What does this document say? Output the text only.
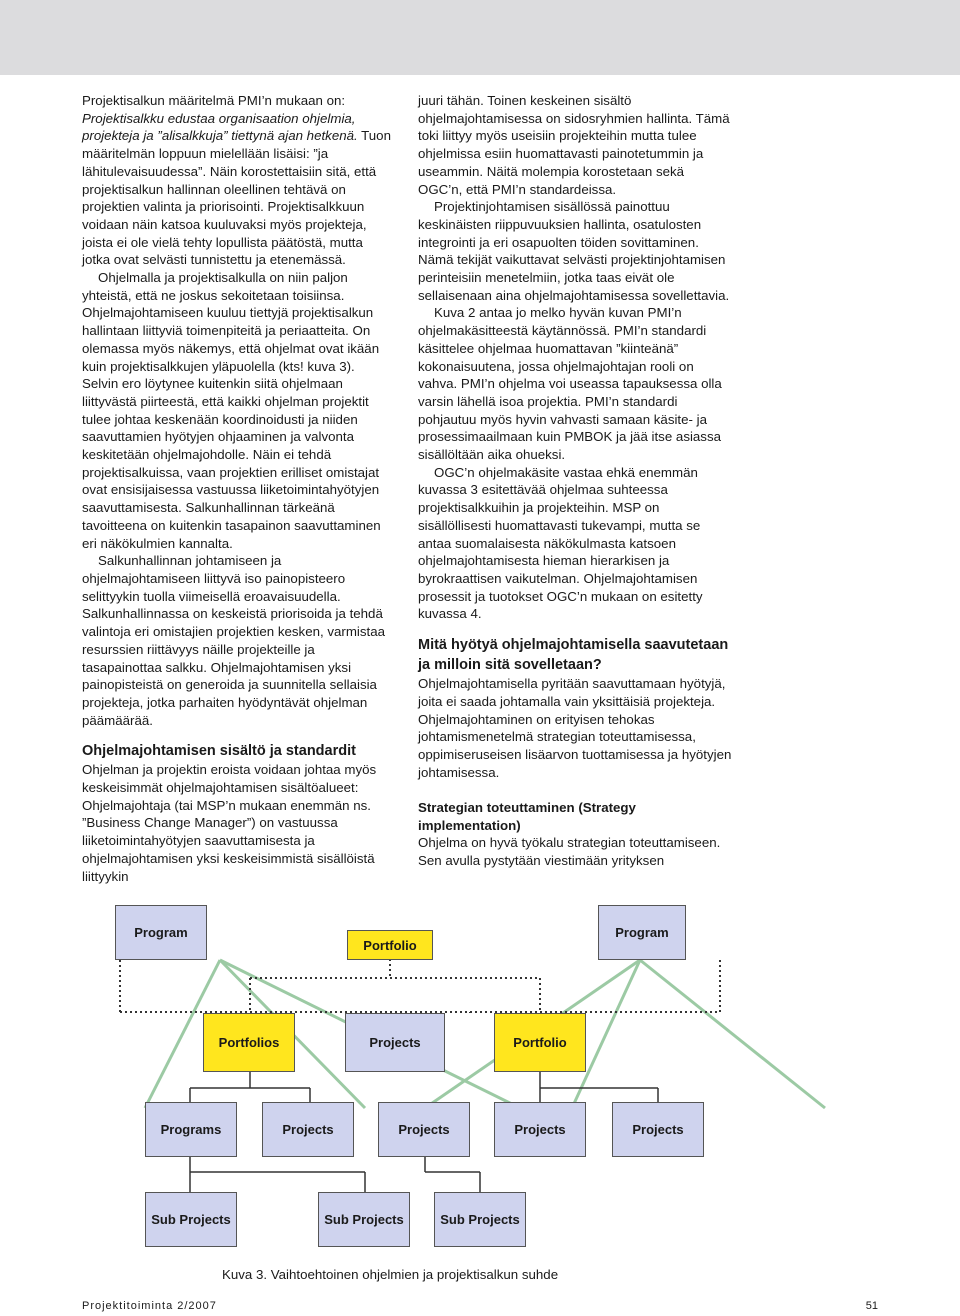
Projektisalkun määritelmä PMI’n mukaan on: Projektisalkku edustaa organisaation ohjelmia, projekteja ja ”alisalkkuja” tiettynä ajan hetkenä. Tuon määritelmän loppuun mielellään lisäisi: ”ja lähitulevaisuudessa”. Näin korostettaisiin sitä, että projektisalkun hallinnan oleellinen tehtävä on projektien valinta ja priorisointi. Projektisalkkuun voidaan näin katsoa kuuluvaksi myös projekteja, joista ei ole vielä tehty lopullista päätöstä, mutta jotka ovat selvästi tunnistettu ja etenemässä.

Ohjelmalla ja projektisalkulla on niin paljon yhteistä, että ne joskus sekoitetaan toisiinsa. Ohjelmajohtamiseen kuuluu tiettyjä projektisalkun hallintaan liittyviä toimenpiteitä ja periaatteita. On olemassa myös näkemys, että ohjelmat ovat ikään kuin projektisalkkujen yläpuolella (kts! kuva 3). Selvin ero löytynee kuitenkin siitä ohjelmaan liittyvästä piirteestä, että kaikki ohjelman projektit tulee johtaa keskenään koordinoidusti ja niiden saavuttamien hyötyjen ohjaaminen ja valvonta keskitetään ohjelmajohdolle. Näin ei tehdä projektisalkuissa, vaan projektien erilliset omistajat ovat ensisijaisessa vastuussa liiketoimintahyötyjen saavuttamisesta. Salkunhallinnan tärkeänä tavoitteena on kuitenkin tasapainon saavuttaminen eri näkökulmien kannalta.

Salkunhallinnan johtamiseen ja ohjelmajohtamiseen liittyvä iso painopisteero selittyykin tuolla viimeisellä eroavaisuudella. Salkunhallinnassa on keskeistä priorisoida ja tehdä valintoja eri omistajien projektien kesken, varmistaa resurssien riittävyys näille projekteille ja tasapainottaa salkku. Ohjelmajohtamisen yksi painopisteistä on generoida ja suunnitella sellaisia projekteja, jotka parhaiten hyödyntävät ohjelman päämäärää.

Ohjelmajohtamisen sisältö ja standardit

Ohjelman ja projektin eroista voidaan johtaa myös keskeisimmät ohjelmajohtamisen sisältöalueet: Ohjelmajohtaja (tai MSP’n mukaan enemmän ns. ”Business Change Manager”) on vastuussa liiketoimintahyötyjen saavuttamisesta ja ohjelmajohtamisen yksi keskeisimmistä sisällöistä liittyykin

juuri tähän. Toinen keskeinen sisältö ohjelmajohtamisessa on sidosryhmien hallinta. Tämä toki liittyy myös useisiin projekteihin mutta tulee ohjelmissa esiin huomattavasti painotetummin ja useammin. Näitä molempia korostetaan sekä OGC’n, että PMI’n standardeissa.

Projektinjohtamisen sisällössä painottuu keskinäisten riippuvuuksien hallinta, osatulosten integrointi ja eri osapuolten töiden sovittaminen. Nämä tekijät vaikuttavat selvästi projektinjohtamisen perinteisiin menetelmiin, jotka taas eivät ole sellaisenaan aina ohjelmajohtamisessa sovellettavia.

Kuva 2 antaa jo melko hyvän kuvan PMI’n ohjelmakäsitteestä käytännössä. PMI’n standardi käsittelee ohjelmaa huomattavan ”kiinteänä” kokonaisuutena, jossa ohjelmajohtajan rooli on vahva. PMI’n ohjelma voi useassa tapauksessa olla varsin lähellä isoa projektia. PMI’n standardi pohjautuu myös hyvin vahvasti samaan käsite- ja prosessimaailmaan kuin PMBOK ja jää itse asiassa sisällöltään aika ohueksi.

OGC’n ohjelmakäsite vastaa ehkä enemmän kuvassa 3 esitettävää ohjelmaa suhteessa projektisalkkuihin ja projekteihin. MSP on sisällöllisesti huomattavasti tukevampi, mutta se antaa suomalaisesta näkökulmasta katsoen ohjelmajohtamisesta hieman hierarkisen ja byrokraattisen vaikutelman. Ohjelmajohtamisen prosessit ja tuotokset OGC’n mukaan on esitetty kuvassa 4.

Mitä hyötyä ohjelmajohtamisella saavutetaan ja milloin sitä sovelletaan?

Ohjelmajohtamisella pyritään saavuttamaan hyötyjä, joita ei saada johtamalla vain yksittäisiä projekteja. Ohjelmajohtaminen on erityisen tehokas johtamismenetelmä strategian toteuttamisessa, oppimiseruseisen lisäarvon tuottamisessa ja hyötyjen johtamisessa.

Strategian toteuttaminen (Strategy implementation)

Ohjelma on hyvä työkalu strategian toteuttamiseen. Sen avulla pystytään viestimään yrityksen

Program
Portfolio
Program
Portfolios	Projects	Portfolio
Programs	Projects	Projects	Projects	Projects
Sub Projects	Sub Projects	Sub Projects
Kuva 3. Vaihtoehtoinen ohjelmien ja projektisalkun suhde
Projektitoiminta 2/2007	51
